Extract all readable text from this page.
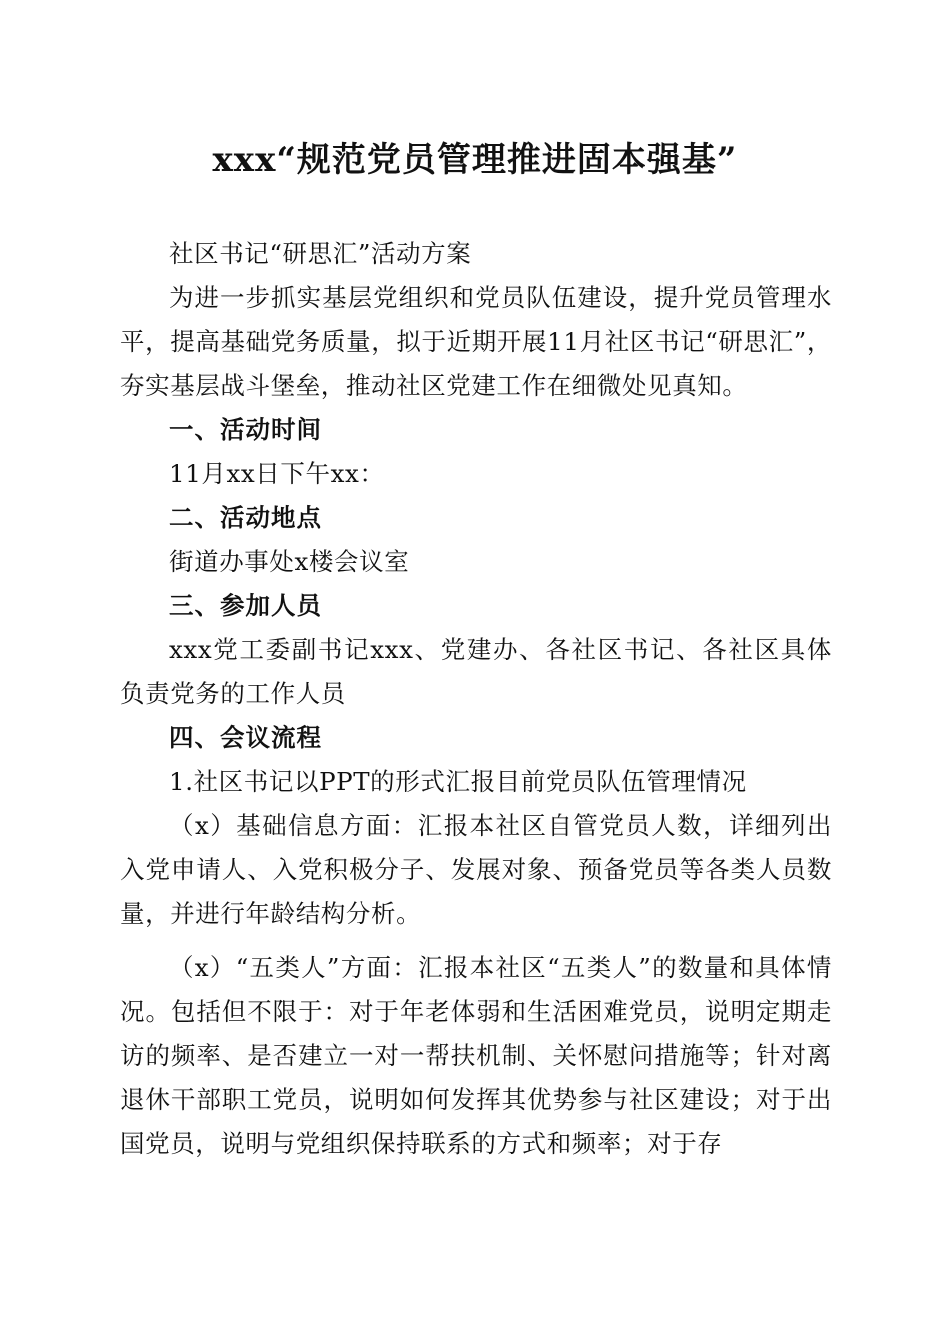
xxx“规范党员管理推进固本强基”

社区书记“研思汇”活动方案

为进一步抓实基层党组织和党员队伍建设，提升党员管理水平，提高基础党务质量，拟于近期开展11月社区书记“研思汇”，夯实基层战斗堡垒，推动社区党建工作在细微处见真知。

一、活动时间

11月xx日下午xx：

二、活动地点

街道办事处x楼会议室

三、参加人员

xxx党工委副书记xxx、党建办、各社区书记、各社区具体负责党务的工作人员

四、会议流程

1.社区书记以PPT的形式汇报目前党员队伍管理情况

（x）基础信息方面：汇报本社区自管党员人数，详细列出入党申请人、入党积极分子、发展对象、预备党员等各类人员数量，并进行年龄结构分析。

（x）“五类人”方面：汇报本社区“五类人”的数量和具体情况。包括但不限于：对于年老体弱和生活困难党员，说明定期走访的频率、是否建立一对一帮扶机制、关怀慰问措施等；针对离退休干部职工党员，说明如何发挥其优势参与社区建设；对于出国党员，说明与党组织保持联系的方式和频率；对于存
